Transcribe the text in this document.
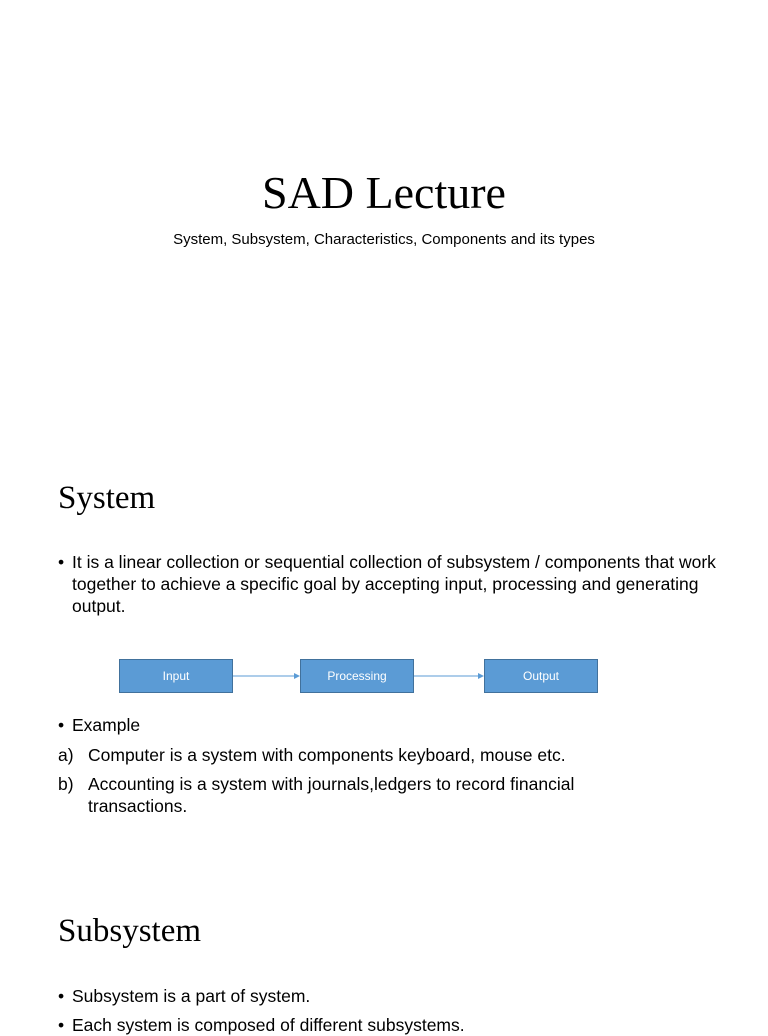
SAD Lecture

System, Subsystem, Characteristics, Components and its types

System

• It is a linear collection or sequential collection of subsystem / components that work together to achieve a specific goal by accepting input, processing and generating output.

Input	Processing	Output

• Example

a) Computer is a system with components keyboard, mouse etc.

b) Accounting is a system with journals,ledgers to record financial transactions.

Subsystem

• Subsystem is a part of system.

• Each system is composed of different subsystems.
